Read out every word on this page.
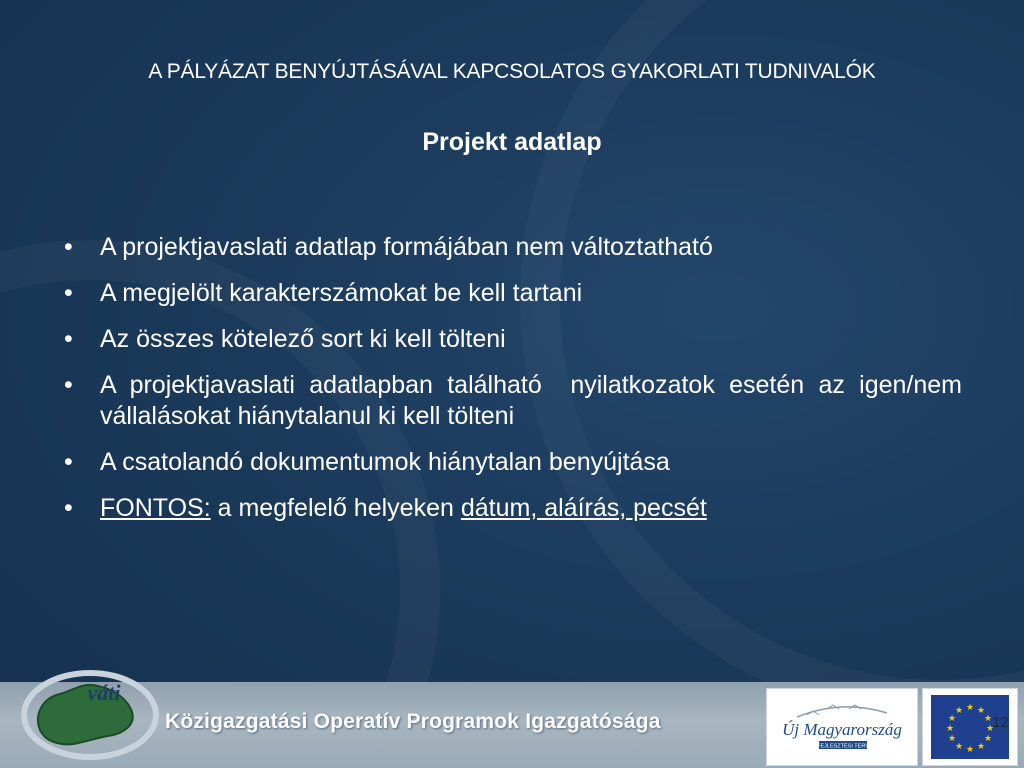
A PÁLYÁZAT BENYÚJTÁSÁVAL KAPCSOLATOS GYAKORLATI TUDNIVALÓK
Projekt adatlap
• A projektjavaslati adatlap formájában nem változtatható
• A megjelölt karakterszámokat be kell tartani
• Az összes kötelező sort ki kell tölteni
• A projektjavaslati adatlapban található  nyilatkozatok esetén az igen/nem vállalásokat hiánytalanul ki kell tölteni
• A csatolandó dokumentumok hiánytalan benyújtása
• FONTOS: a megfelelő helyeken dátum, aláírás, pecsét
Közigazgatási Operatív Programok Igazgatósága
váti
Új Magyarország
FEJLESZTÉSI TERV
★ ★
★
★
★
★
★
★
★
★
★
★
12
